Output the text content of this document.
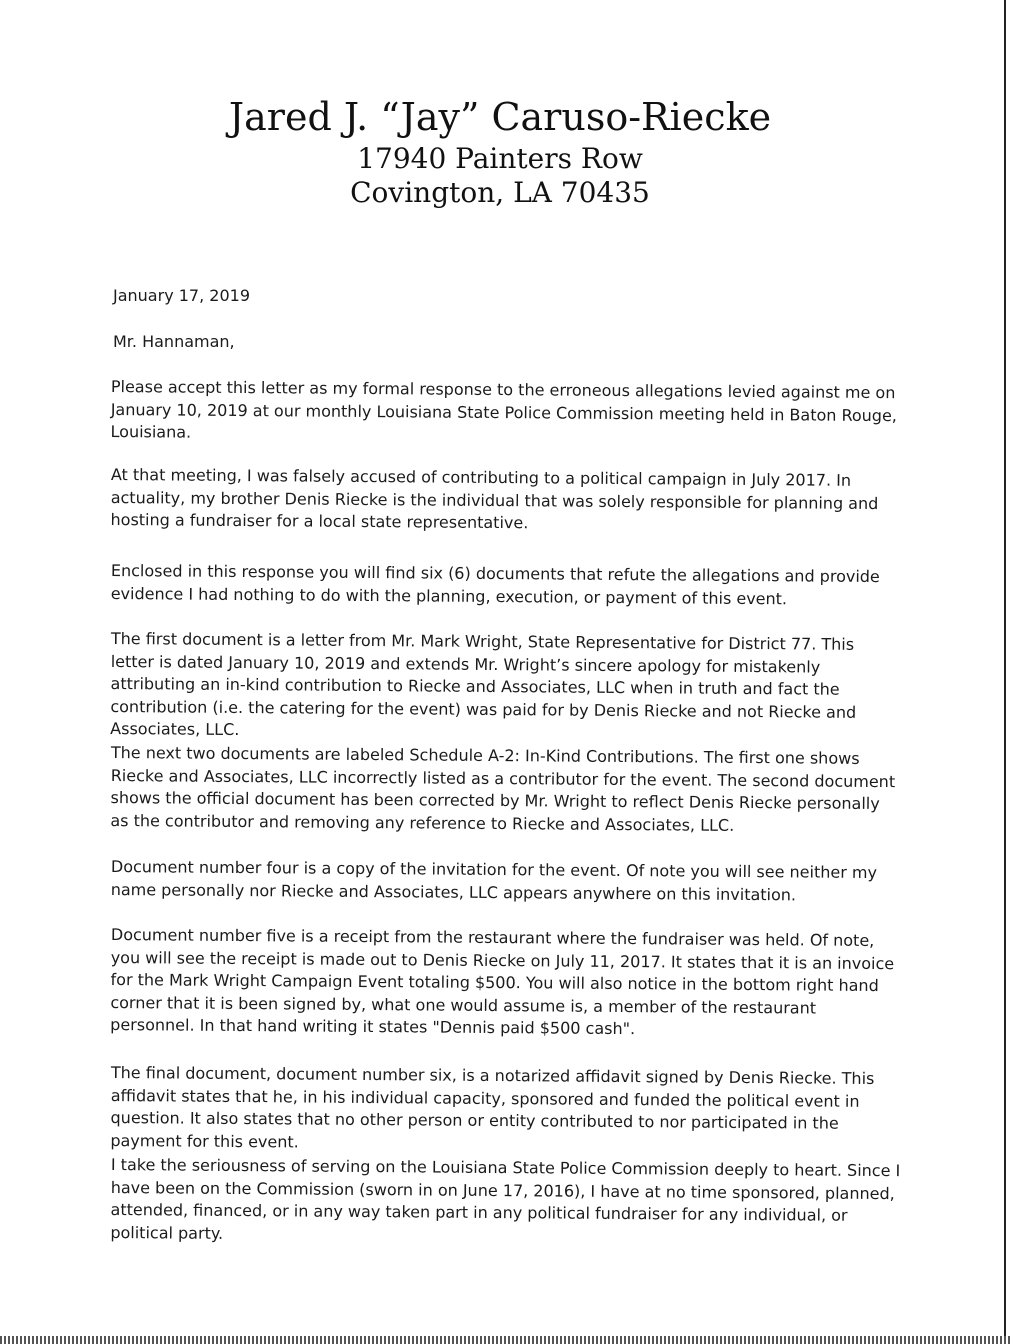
Jared J. “Jay” Caruso-Riecke
17940 Painters Row
Covington, LA 70435
January 17, 2019
Mr. Hannaman,

Please accept this letter as my formal response to the erroneous allegations levied against me on January 10, 2019 at our monthly Louisiana State Police Commission meeting held in Baton Rouge, Louisiana.

At that meeting, I was falsely accused of contributing to a political campaign in July 2017. In actuality, my brother Denis Riecke is the individual that was solely responsible for planning and hosting a fundraiser for a local state representative.

Enclosed in this response you will find six (6) documents that refute the allegations and provide evidence I had nothing to do with the planning, execution, or payment of this event.

The first document is a letter from Mr. Mark Wright, State Representative for District 77. This letter is dated January 10, 2019 and extends Mr. Wright’s sincere apology for mistakenly attributing an in-kind contribution to Riecke and Associates, LLC when in truth and fact the contribution (i.e. the catering for the event) was paid for by Denis Riecke and not Riecke and Associates, LLC.

The next two documents are labeled Schedule A-2: In-Kind Contributions. The first one shows Riecke and Associates, LLC incorrectly listed as a contributor for the event. The second document shows the official document has been corrected by Mr. Wright to reflect Denis Riecke personally as the contributor and removing any reference to Riecke and Associates, LLC.

Document number four is a copy of the invitation for the event. Of note you will see neither my name personally nor Riecke and Associates, LLC appears anywhere on this invitation.

Document number five is a receipt from the restaurant where the fundraiser was held. Of note, you will see the receipt is made out to Denis Riecke on July 11, 2017. It states that it is an invoice for the Mark Wright Campaign Event totaling $500. You will also notice in the bottom right hand corner that it is been signed by, what one would assume is, a member of the restaurant personnel. In that hand writing it states "Dennis paid $500 cash".

The final document, document number six, is a notarized affidavit signed by Denis Riecke. This affidavit states that he, in his individual capacity, sponsored and funded the political event in question. It also states that no other person or entity contributed to nor participated in the payment for this event.

I take the seriousness of serving on the Louisiana State Police Commission deeply to heart. Since I have been on the Commission (sworn in on June 17, 2016), I have at no time sponsored, planned, attended, financed, or in any way taken part in any political fundraiser for any individual, or political party.
